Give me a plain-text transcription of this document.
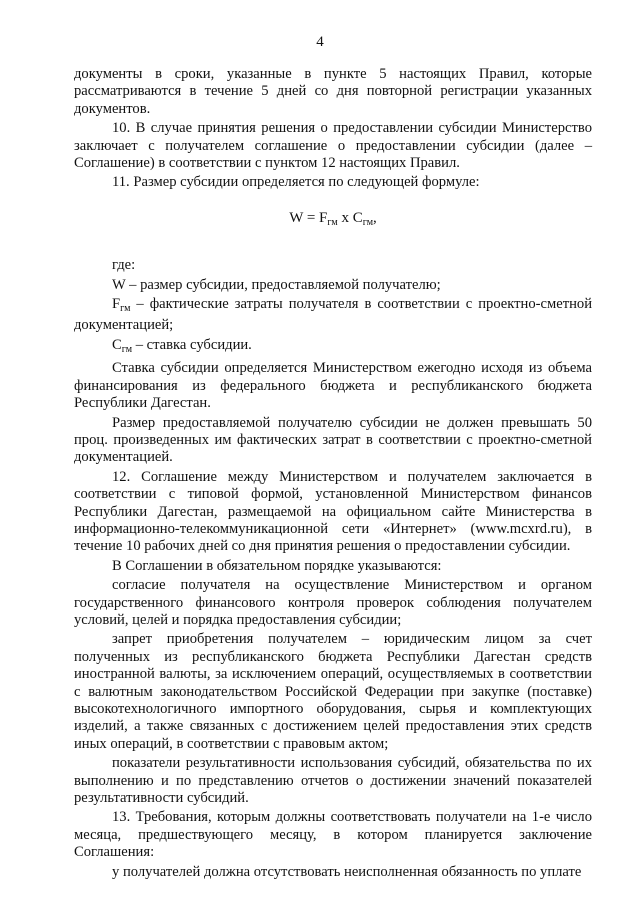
4

документы в сроки, указанные в пункте 5 настоящих Правил, которые рассматриваются в течение 5 дней со дня повторной регистрации указанных документов.

10. В случае принятия решения о предоставлении субсидии Министерство заключает с получателем соглашение о предоставлении субсидии (далее – Соглашение) в соответствии с пунктом 12 настоящих Правил.

11. Размер субсидии определяется по следующей формуле:

$W = F_{гм}$ x $C_{гм}$,

где:

W – размер субсидии, предоставляемой получателю;

$F_{гм}$ – фактические затраты получателя в соответствии с проектно-сметной документацией;

$C_{гм}$ – ставка субсидии.

Ставка субсидии определяется Министерством ежегодно исходя из объема финансирования из федерального бюджета и республиканского бюджета Республики Дагестан.

Размер предоставляемой получателю субсидии не должен превышать 50 проц. произведенных им фактических затрат в соответствии с проектно-сметной документацией.

12. Соглашение между Министерством и получателем заключается в соответствии с типовой формой, установленной Министерством финансов Республики Дагестан, размещаемой на официальном сайте Министерства в информационно-телекоммуникационной сети «Интернет» (www.mcxrd.ru), в течение 10 рабочих дней со дня принятия решения о предоставлении субсидии.

В Соглашении в обязательном порядке указываются:

согласие получателя на осуществление Министерством и органом государственного финансового контроля проверок соблюдения получателем условий, целей и порядка предоставления субсидии;

запрет приобретения получателем – юридическим лицом за счет полученных из республиканского бюджета Республики Дагестан средств иностранной валюты, за исключением операций, осуществляемых в соответствии с валютным законодательством Российской Федерации при закупке (поставке) высокотехнологичного импортного оборудования, сырья и комплектующих изделий, а также связанных с достижением целей предоставления этих средств иных операций, в соответствии с правовым актом;

показатели результативности использования субсидий, обязательства по их выполнению и по представлению отчетов о достижении значений показателей результативности субсидий.

13. Требования, которым должны соответствовать получатели на 1-е число месяца, предшествующего месяцу, в котором планируется заключение Соглашения:

у получателей должна отсутствовать неисполненная обязанность по уплате
